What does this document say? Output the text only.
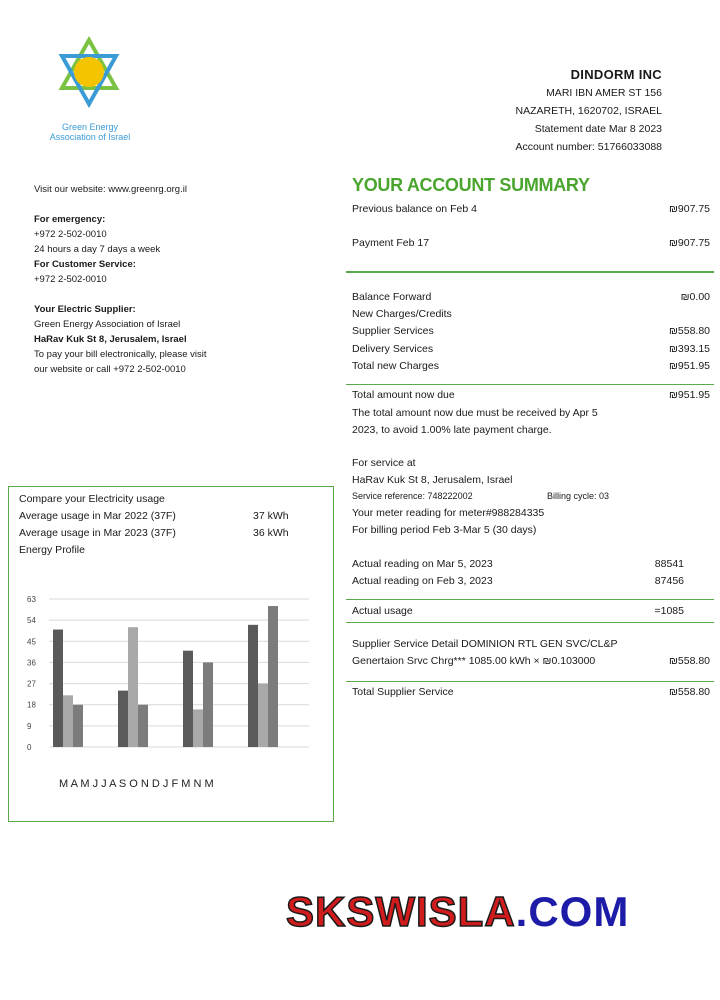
Green Energy
Association of Israel
DINDORM INC
MARI IBN AMER ST 156
NAZARETH, 1620702, ISRAEL
Statement date Mar 8 2023
Account number: 51766033088
Visit our website: www.greenrg.org.il
For emergency:
+972 2-502-0010
24 hours a day 7 days a week
For Customer Service:
+972 2-502-0010
Your Electric Supplier:
Green Energy Association of Israel
HaRav Kuk St 8, Jerusalem, Israel
To pay your bill electronically, please visit
our website or call +972 2-502-0010
YOUR ACCOUNT SUMMARY
Previous balance on Feb 4	₪907.75
Payment Feb 17	₪907.75
Balance Forward	₪0.00
New Charges/Credits
Supplier Services	₪558.80
Delivery Services	₪393.15
Total new Charges	₪951.95
Total amount now due	₪951.95
The total amount now due must be received by Apr 5
2023, to avoid 1.00% late payment charge.
For service at
HaRav Kuk St 8, Jerusalem, Israel
Service reference: 748222002	Billing cycle: 03
Your meter reading for meter#988284335
For billing period Feb 3-Mar 5 (30 days)
Actual reading on Mar 5, 2023	88541
Actual reading on Feb 3, 2023	87456
Actual usage	=1085
Supplier Service Detail DOMINION RTL GEN SVC/CL&P
Genertaion Srvc Chrg*** 1085.00 kWh × ₪0.103000	₪558.80
Total Supplier Service	₪558.80
Compare your Electricity usage
Average usage in Mar 2022 (37F)	37 kWh
Average usage in Mar 2023 (37F)	36 kWh
Energy Profile
0
9
18
27
36
45
54
63
M A M J J A S O N D J F M N M
SKSWISLA.COM
